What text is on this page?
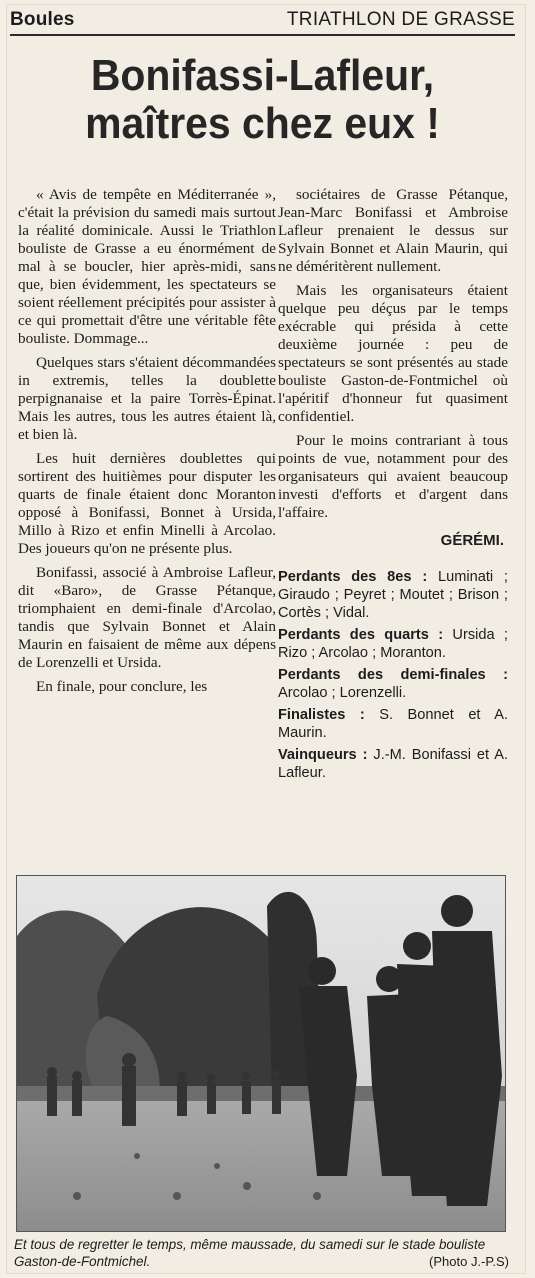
Boules	TRIATHLON DE GRASSE
Bonifassi-Lafleur,
maîtres chez eux !

« Avis de tempête en Méditerranée », c'était la prévision du samedi mais surtout la réalité dominicale. Aussi le Triathlon bouliste de Grasse a eu énormément de mal à se boucler, hier après-midi, sans que, bien évidemment, les spectateurs se soient réellement précipités pour assister à ce qui promettait d'être une véritable fête bouliste. Dommage...

Quelques stars s'étaient décommandées in extremis, telles la doublette perpignanaise et la paire Torrès-Épinat. Mais les autres, tous les autres étaient là, et bien là.

Les huit dernières doublettes qui sortirent des huitièmes pour disputer les quarts de finale étaient donc Moranton opposé à Bonifassi, Bonnet à Ursida, Millo à Rizo et enfin Minelli à Arcolao. Des joueurs qu'on ne présente plus.

Bonifassi, associé à Ambroise Lafleur, dit «Baro», de Grasse Pétanque, triomphaient en demi-finale d'Arcolao, tandis que Sylvain Bonnet et Alain Maurin en faisaient de même aux dépens de Lorenzelli et Ursida.

En finale, pour conclure, les

sociétaires de Grasse Pétanque, Jean-Marc Bonifassi et Ambroise Lafleur prenaient le dessus sur Sylvain Bonnet et Alain Maurin, qui ne déméritèrent nullement.

Mais les organisateurs étaient quelque peu déçus par le temps exécrable qui présida à cette deuxième journée : peu de spectateurs se sont présentés au stade bouliste Gaston-de-Fontmichel où l'apéritif d'honneur fut quasiment confidentiel.

Pour le moins contrariant à tous points de vue, notamment pour des organisateurs qui avaient beaucoup investi d'efforts et d'argent dans l'affaire.

GÉRÉMI.

Perdants des 8es : Luminati ; Giraudo ; Peyret ; Moutet ; Brison ; Cortès ; Vidal.

Perdants des quarts : Ursida ; Rizo ; Arcolao ; Moranton.

Perdants des demi-finales : Arcolao ; Lorenzelli.

Finalistes : S. Bonnet et A. Maurin.

Vainqueurs : J.-M. Bonifassi et A. Lafleur.

Et tous de regretter le temps, même maussade, du samedi sur le stade bouliste Gaston-de-Fontmichel.	(Photo J.-P.S)
